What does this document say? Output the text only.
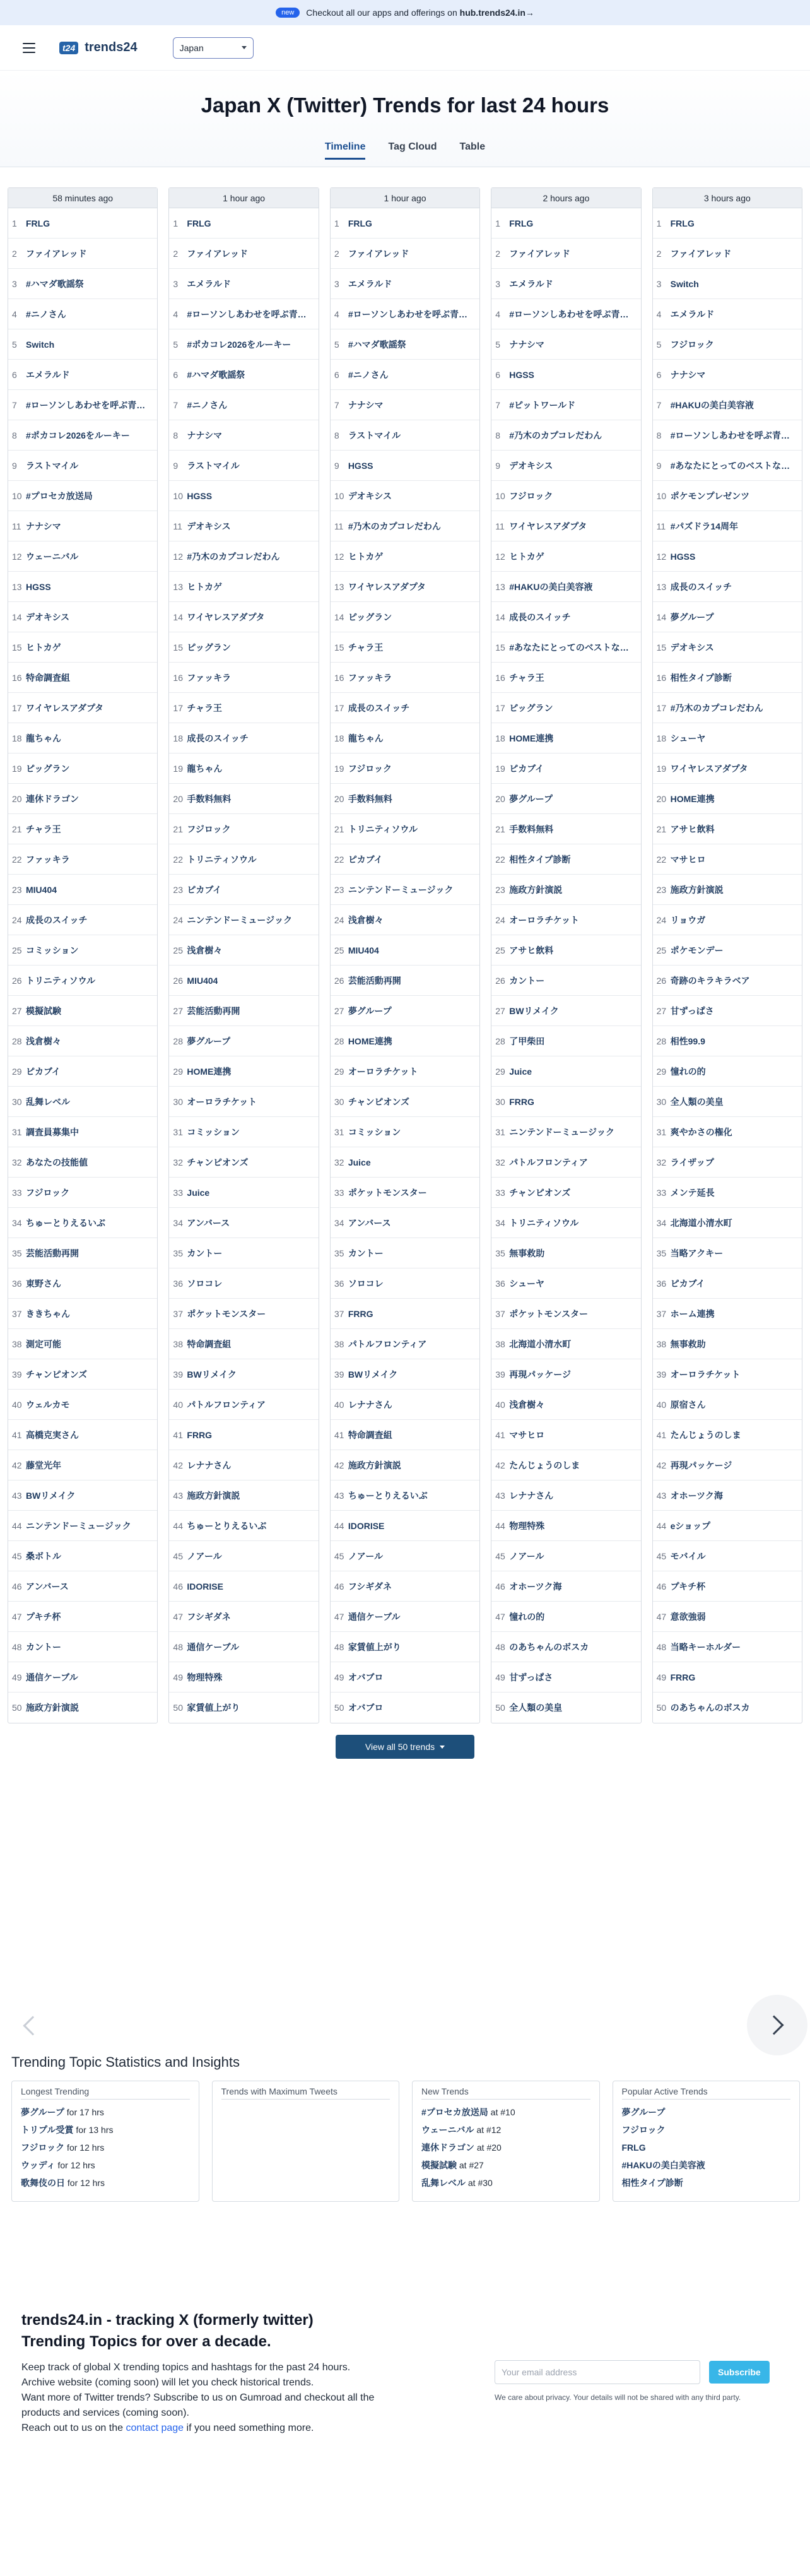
new	Checkout all our apps and offerings on hub.trends24.in→
t24 trends24	Japan
Japan X (Twitter) Trends for last 24 hours
Timeline Tag Cloud Table
58 minutes ago
1	FRLG
2	ファイアレッド
3	#ハマダ歌謡祭
4	#ニノさん
5	Switch
6	エメラルド
7	#ローソンしあわせを呼ぶ青…
8	#ポカコレ2026をルーキー
9	ラストマイル
10 #プロセカ放送局
11 ナナシマ
12 ウェーニバル
13 HGSS
14 デオキシス
15 ヒトカゲ
16 特命調査組
17 ワイヤレスアダプタ
18 龍ちゃん
19 ピッグラン
20 連休ドラゴン
21 チャラ王
22 ファッキラ
23 MIU404
24 成長のスイッチ
25 コミッション
26 トリニティソウル
27 模擬試験
28 浅倉樹々
29 ピカブイ
30 乱舞レベル
31 調査員募集中
32 あなたの技能値
33 フジロック
34 ちゅーとりえるいぶ
35 芸能活動再開
36 東野さん
37 ききちゃん
38 測定可能
39 チャンピオンズ
40 ウェルカモ
41 高橋克実さん
42 藤堂光年
43 BWリメイク
44 ニンテンドーミュージック
45 桑ボトル
46 アンバース
47 プキチ杯
48 カントー
49 通信ケーブル
50 施政方針演説
1 hour ago
1	FRLG
2	ファイアレッド
3	エメラルド
4	#ローソンしあわせを呼ぶ青…
5	#ポカコレ2026をルーキー
6	#ハマダ歌謡祭
7	#ニノさん
8	ナナシマ
9	ラストマイル
10 HGSS
11 デオキシス
12 #乃木のカプコレだわん
13 ヒトカゲ
14 ワイヤレスアダプタ
15 ピッグラン
16 ファッキラ
17 チャラ王
18 成長のスイッチ
19 龍ちゃん
20 手数料無料
21 フジロック
22 トリニティソウル
23 ピカブイ
24 ニンテンドーミュージック
25 浅倉樹々
26 MIU404
27 芸能活動再開
28 夢グループ
29 HOME連携
30 オーロラチケット
31 コミッション
32 チャンピオンズ
33 Juice
34 アンバース
35 カントー
36 ソロコレ
37 ポケットモンスター
38 特命調査組
39 BWリメイク
40 パトルフロンティア
41 FRRG
42 レナナさん
43 施政方針演説
44 ちゅーとりえるいぶ
45 ノアール
46 IDORISE
47 フシギダネ
48 通信ケーブル
49 物理特殊
50 家賃値上がり
1 hour ago
1	FRLG
2	ファイアレッド
3	エメラルド
4	#ローソンしあわせを呼ぶ青…
5	#ハマダ歌謡祭
6	#ニノさん
7	ナナシマ
8	ラストマイル
9	HGSS
10 デオキシス
11 #乃木のカプコレだわん
12 ヒトカゲ
13 ワイヤレスアダプタ
14 ピッグラン
15 チャラ王
16 ファッキラ
17 成長のスイッチ
18 龍ちゃん
19 フジロック
20 手数料無料
21 トリニティソウル
22 ピカブイ
23 ニンテンドーミュージック
24 浅倉樹々
25 MIU404
26 芸能活動再開
27 夢グループ
28 HOME連携
29 オーロラチケット
30 チャンピオンズ
31 コミッション
32 Juice
33 ポケットモンスター
34 アンバース
35 カントー
36 ソロコレ
37 FRRG
38 パトルフロンティア
39 BWリメイク
40 レナナさん
41 特命調査組
42 施政方針演説
43 ちゅーとりえるいぶ
44 IDORISE
45 ノアール
46 フシギダネ
47 通信ケーブル
48 家賃値上がり
49 オバブロ
50 オバブロ
2 hours ago
1	FRLG
2	ファイアレッド
3	エメラルド
4	#ローソンしあわせを呼ぶ青…
5	ナナシマ
6	HGSS
7	#ピットワールド
8	#乃木のカプコレだわん
9	デオキシス
10 フジロック
11 ワイヤレスアダプタ
12 ヒトカゲ
13 #HAKUの美白美容液
14 成長のスイッチ
15 #あなたにとってのベストな…
16 チャラ王
17 ピッグラン
18 HOME連携
19 ピカブイ
20 夢グループ
21 手数料無料
22 相性タイプ診断
23 施政方針演説
24 オーロラチケット
25 アサヒ飲料
26 カントー
27 BWリメイク
28 了甲柴田
29 Juice
30 FRRG
31 ニンテンドーミュージック
32 パトルフロンティア
33 チャンピオンズ
34 トリニティソウル
35 無事救助
36 シューヤ
37 ポケットモンスター
38 北海道小清水町
39 再現パッケージ
40 浅倉樹々
41 マサヒロ
42 たんじょうのしま
43 レナナさん
44 物理特殊
45 ノアール
46 オホーツク海
47 憧れの的
48 のあちゃんのボスカ
49 甘ずっぱさ
50 全人類の美皇
3 hours ago
1	FRLG
2	ファイアレッド
3	Switch
4	エメラルド
5	フジロック
6	ナナシマ
7	#HAKUの美白美容液
8	#ローソンしあわせを呼ぶ青…
9	#あなたにとってのベストな…
10 ポケモンプレゼンツ
11 #パズドラ14周年
12 HGSS
13 成長のスイッチ
14 夢グループ
15 デオキシス
16 相性タイプ診断
17 #乃木のカプコレだわん
18 シューヤ
19 ワイヤレスアダプタ
20 HOME連携
21 アサヒ飲料
22 マサヒロ
23 施政方針演説
24 リョウガ
25 ポケモンデー
26 奇跡のキラキラベア
27 甘ずっぱさ
28 相性99.9
29 憧れの的
30 全人類の美皇
31 爽やかさの権化
32 ライザップ
33 メンテ延長
34 北海道小清水町
35 当略アクキー
36 ピカブイ
37 ホーム連携
38 無事救助
39 オーロラチケット
40 原宿さん
41 たんじょうのしま
42 再現パッケージ
43 オホーツク海
44 eショップ
45 モバイル
46 プキチ杯
47 意欲強弱
48 当略キーホルダー
49 FRRG
50 のあちゃんのボスカ
View all 50 trends
Trending Topic Statistics and Insights
Longest Trending
夢グループ for 17 hrs
トリプル受賞 for 13 hrs
フジロック for 12 hrs
ウッディ for 12 hrs
歌舞伎の日 for 12 hrs
Trends with Maximum Tweets	New Trends
#プロセカ放送局 at #10
ウェーニバル at #12
連休ドラゴン at #20
模擬試験 at #27
乱舞レベル at #30
Popular Active Trends
夢グループ
フジロック
FRLG
#HAKUの美白美容液
相性タイプ診断
trends24.in - tracking X (formerly twitter) Trending Topics for over a decade.

Keep track of global X trending topics and hashtags for the past 24 hours.

Archive website (coming soon) will let you check historical trends.

Want more of Twitter trends? Subscribe to us on Gumroad and checkout all the products and services (coming soon).

Reach out to us on the contact page if you need something more.

Your email address
Subscribe

We care about privacy. Your details will not be shared with any third party.
